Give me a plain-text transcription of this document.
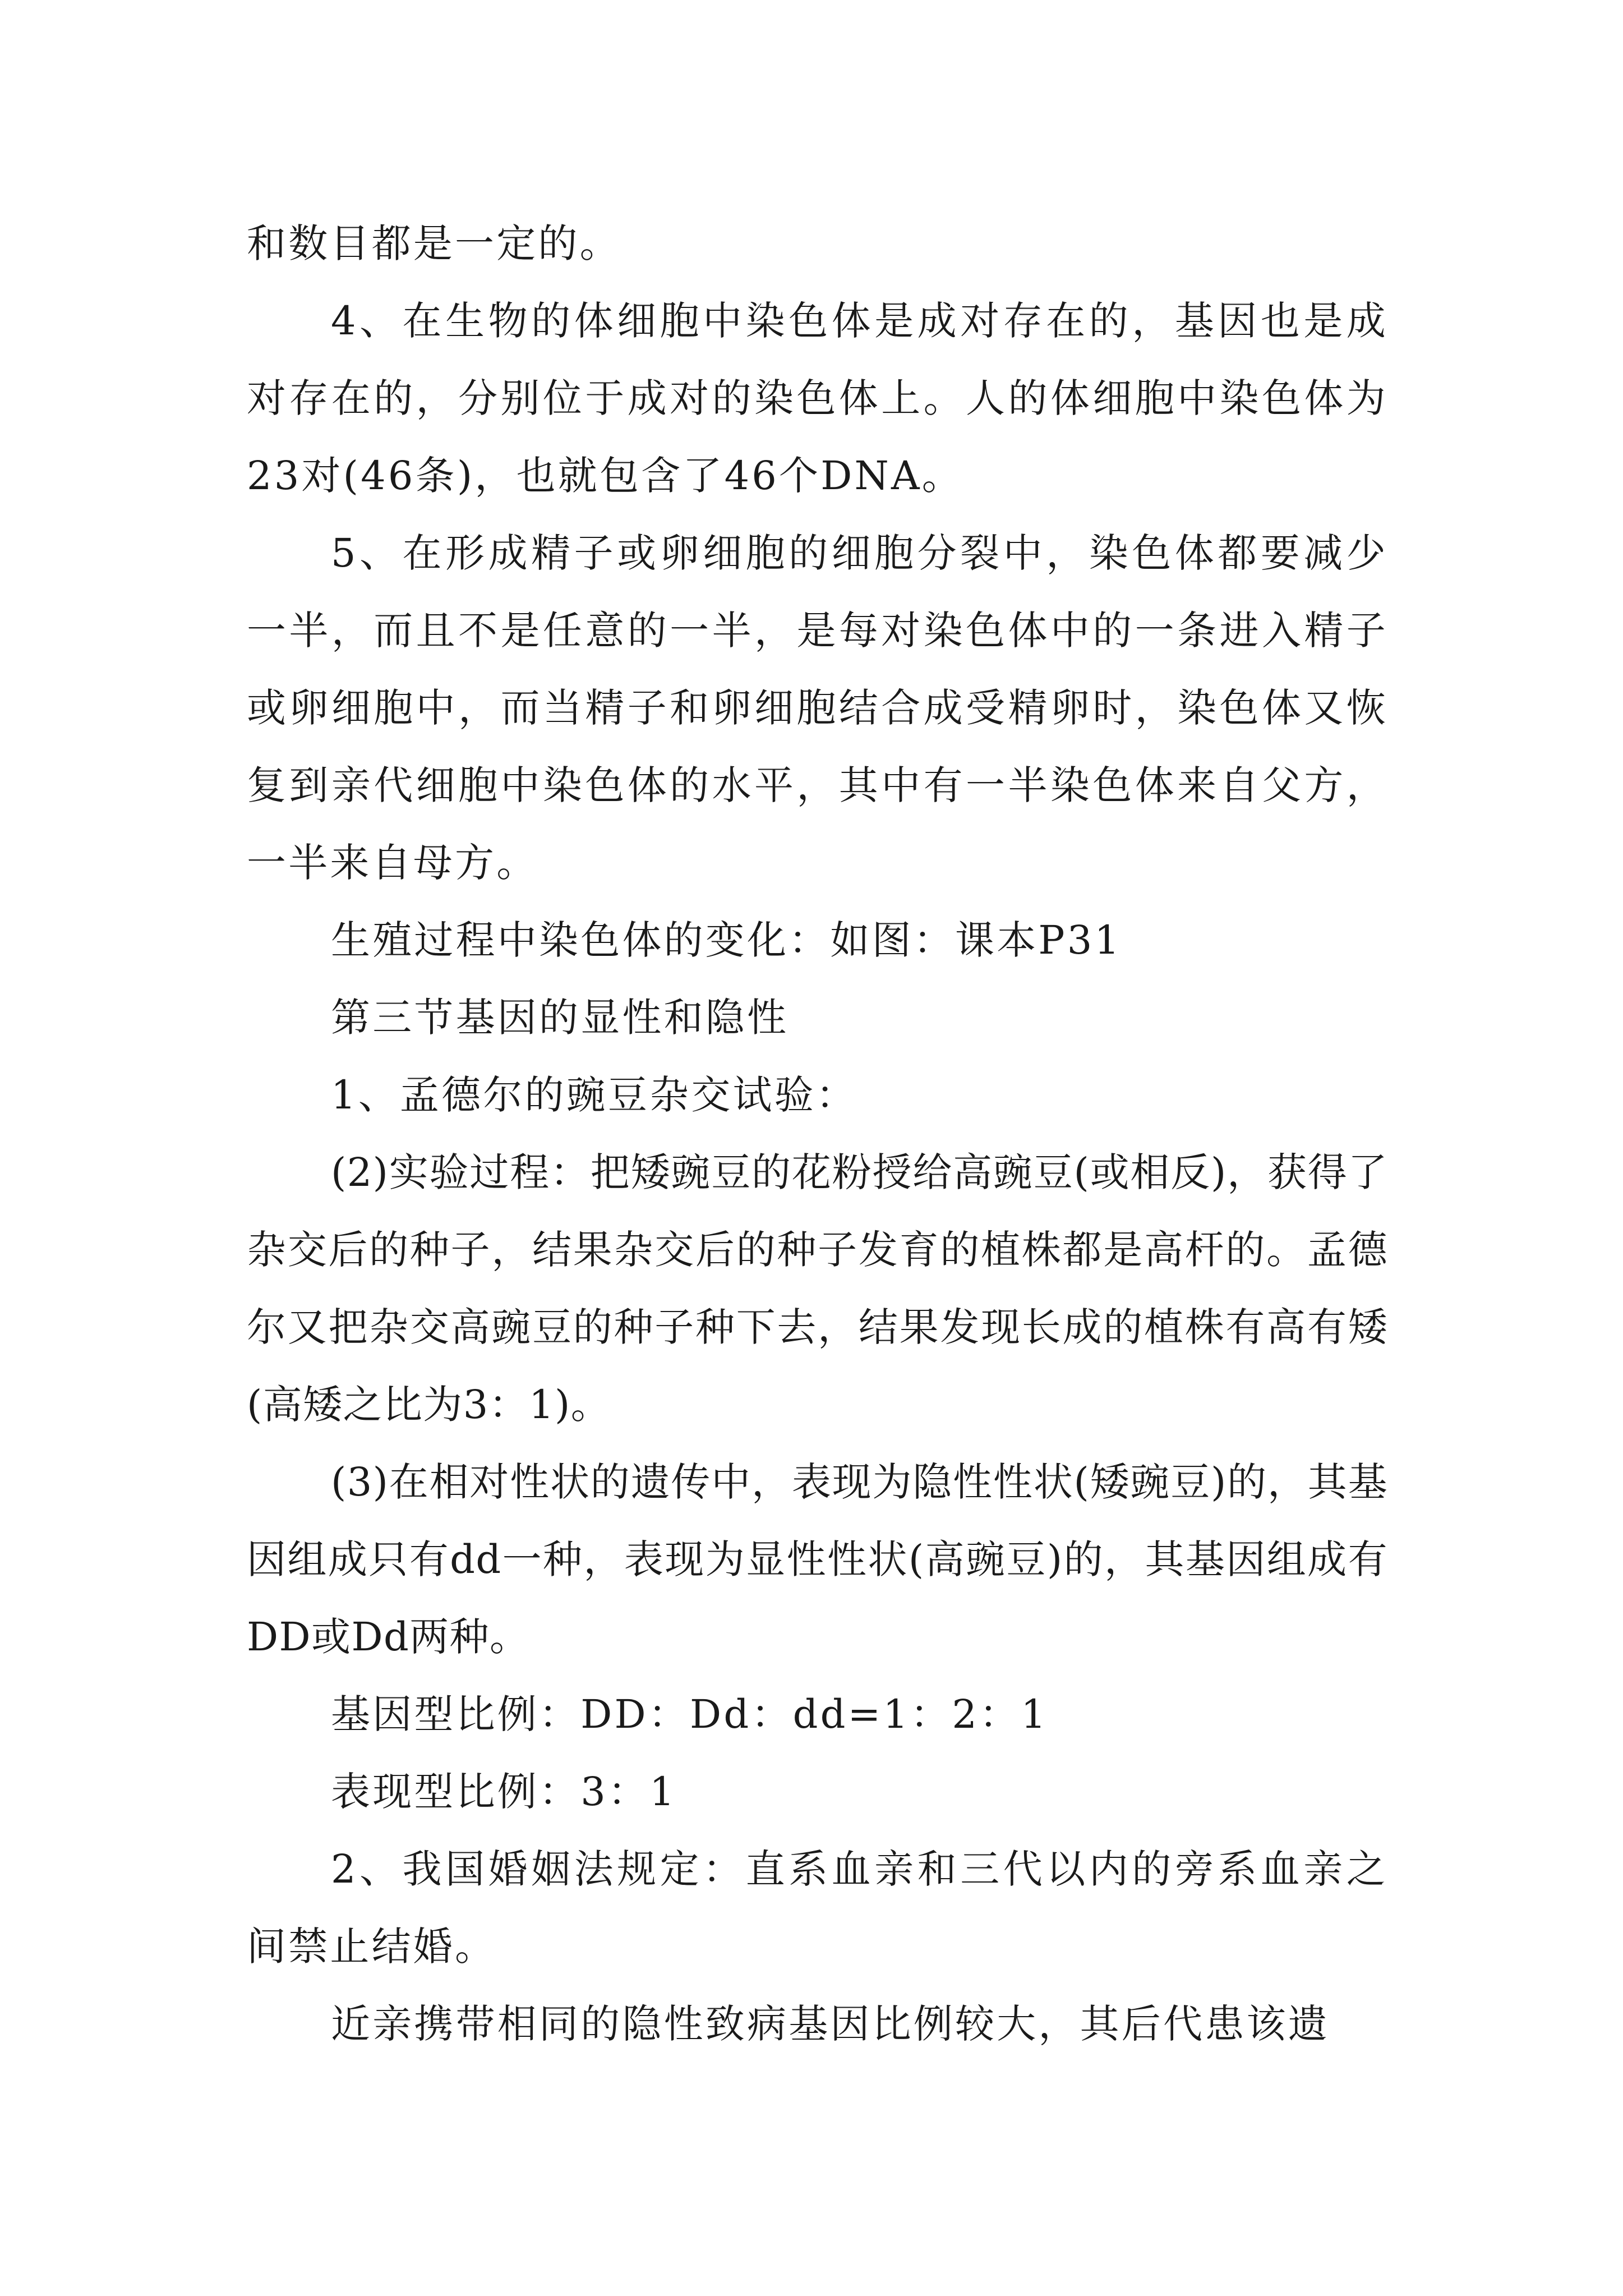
和数目都是一定的。

4、在生物的体细胞中染色体是成对存在的，基因也是成对存在的，分别位于成对的染色体上。人的体细胞中染色体为23对(46条)，也就包含了46个DNA。

5、在形成精子或卵细胞的细胞分裂中，染色体都要减少一半，而且不是任意的一半，是每对染色体中的一条进入精子或卵细胞中，而当精子和卵细胞结合成受精卵时，染色体又恢复到亲代细胞中染色体的水平，其中有一半染色体来自父方，一半来自母方。

生殖过程中染色体的变化：如图：课本P31

第三节基因的显性和隐性

1、孟德尔的豌豆杂交试验：

(2)实验过程：把矮豌豆的花粉授给高豌豆(或相反)，获得了杂交后的种子，结果杂交后的种子发育的植株都是高杆的。孟德尔又把杂交高豌豆的种子种下去，结果发现长成的植株有高有矮(高矮之比为3：1)。

(3)在相对性状的遗传中，表现为隐性性状(矮豌豆)的，其基因组成只有dd一种，表现为显性性状(高豌豆)的，其基因组成有DD或Dd两种。

基因型比例：DD：Dd：dd=1：2：1

表现型比例：3：1

2、我国婚姻法规定：直系血亲和三代以内的旁系血亲之间禁止结婚。

近亲携带相同的隐性致病基因比例较大，其后代患该遗
